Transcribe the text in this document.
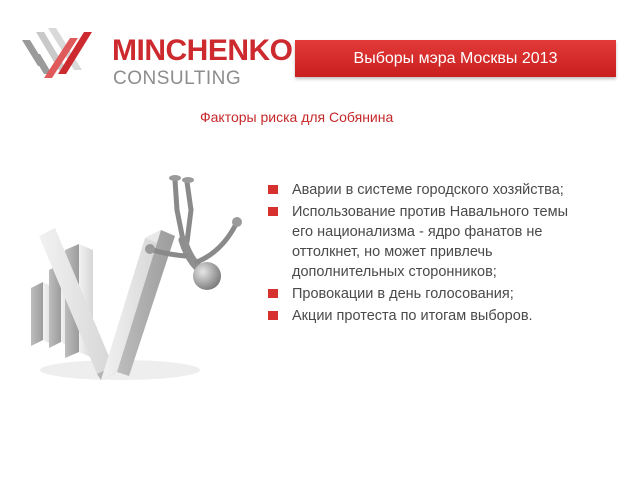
MINCHENKO
CONSULTING
Выборы мэра Москвы 2013
Факторы риска для Собянина
Аварии в системе городского хозяйства;
Использование против Навального темы его национализма - ядро фанатов не оттолкнет, но может привлечь дополнительных сторонников;
Провокации в день голосования;
Акции протеста по итогам выборов.
